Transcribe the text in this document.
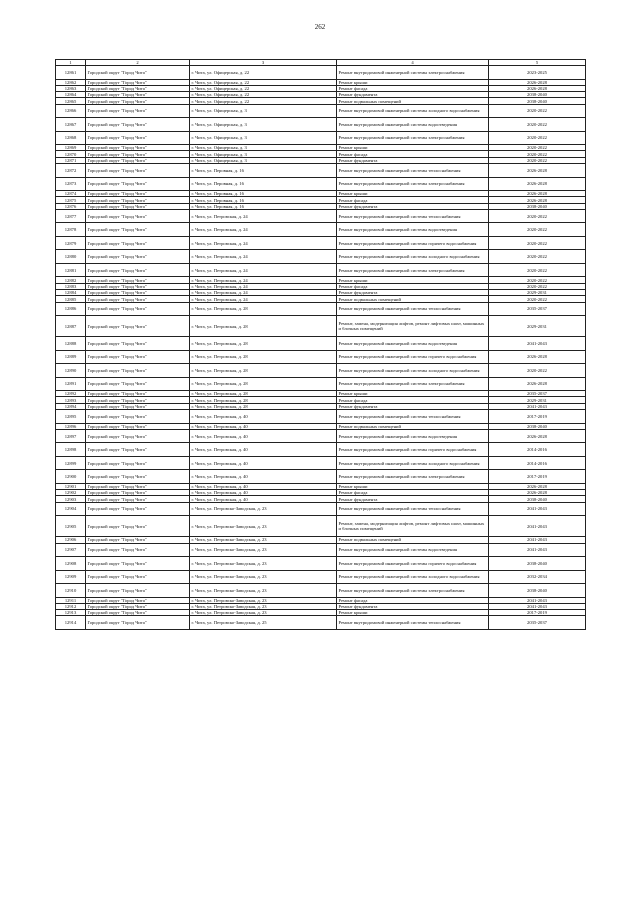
262
1	2	3	4	5
12861	Городской округ "Город Чита"	г. Чита, ул. Офицерская, д. 22	Ремонт внутридомовой инженерной системы электроснабжения	2023-2025
12862	Городской округ "Город Чита"	г. Чита, ул. Офицерская, д. 22	Ремонт крыши	2026-2028
12863	Городской округ "Город Чита"	г. Чита, ул. Офицерская, д. 22	Ремонт фасада	2026-2028
12864	Городской округ "Город Чита"	г. Чита, ул. Офицерская, д. 22	Ремонт фундамента	2038-2040
12865	Городской округ "Город Чита"	г. Чита, ул. Офицерская, д. 22	Ремонт подвальных помещений	2038-2040
12866	Городской округ "Город Чита"	г. Чита, ул. Офицерская, д. 3	Ремонт внутридомовой инженерной системы холодного водоснабжения	2020-2022
12867	Городской округ "Город Чита"	г. Чита, ул. Офицерская, д. 3	Ремонт внутридомовой инженерной системы водоотведения	2020-2022
12868	Городской округ "Город Чита"	г. Чита, ул. Офицерская, д. 3	Ремонт внутридомовой инженерной системы электроснабжения	2020-2022
12869	Городской округ "Город Чита"	г. Чита, ул. Офицерская, д. 3	Ремонт крыши	2020-2022
12870	Городской округ "Город Чита"	г. Чита, ул. Офицерская, д. 3	Ремонт фасада	2020-2022
12871	Городской округ "Город Чита"	г. Чита, ул. Офицерская, д. 3	Ремонт фундамента	2020-2022
12872	Городской округ "Город Чита"	г. Чита, ул. Перовная, д. 16	Ремонт внутридомовой инженерной системы теплоснабжения	2026-2028
12873	Городской округ "Город Чита"	г. Чита, ул. Перовная, д. 16	Ремонт внутридомовой инженерной системы электроснабжения	2026-2028
12874	Городской округ "Город Чита"	г. Чита, ул. Перовная, д. 16	Ремонт крыши	2026-2028
12875	Городской округ "Город Чита"	г. Чита, ул. Перовная, д. 16	Ремонт фасада	2026-2028
12876	Городской округ "Город Чита"	г. Чита, ул. Перовная, д. 16	Ремонт фундамента	2038-2040
12877	Городской округ "Город Чита"	г. Чита, ул. Петровская, д. 24	Ремонт внутридомовой инженерной системы теплоснабжения	2020-2022
12878	Городской округ "Город Чита"	г. Чита, ул. Петровская, д. 24	Ремонт внутридомовой инженерной системы водоотведения	2020-2022
12879	Городской округ "Город Чита"	г. Чита, ул. Петровская, д. 24	Ремонт внутридомовой инженерной системы горячего водоснабжения	2020-2022
12880	Городской округ "Город Чита"	г. Чита, ул. Петровская, д. 24	Ремонт внутридомовой инженерной системы холодного водоснабжения	2020-2022
12881	Городской округ "Город Чита"	г. Чита, ул. Петровская, д. 24	Ремонт внутридомовой инженерной системы электроснабжения	2020-2022
12882	Городской округ "Город Чита"	г. Чита, ул. Петровская, д. 24	Ремонт крыши	2020-2022
12883	Городской округ "Город Чита"	г. Чита, ул. Петровская, д. 24	Ремонт фасада	2020-2022
12884	Городской округ "Город Чита"	г. Чита, ул. Петровская, д. 24	Ремонт фундамента	2029-2031
12885	Городской округ "Город Чита"	г. Чита, ул. Петровская, д. 24	Ремонт подвальных помещений	2020-2022
12886	Городской округ "Город Чита"	г. Чита, ул. Петровская, д. 28	Ремонт внутридомовой инженерной системы теплоснабжения	2035-2037
12887	Городской округ "Город Чита"	г. Чита, ул. Петровская, д. 28	Ремонт, замена, модернизация лифтов, ремонт лифтовых шахт, машинных и блочных помещений	2029-2031
12888	Городской округ "Город Чита"	г. Чита, ул. Петровская, д. 28	Ремонт внутридомовой инженерной системы водоотведения	2041-2043
12889	Городской округ "Город Чита"	г. Чита, ул. Петровская, д. 28	Ремонт внутридомовой инженерной системы горячего водоснабжения	2026-2028
12890	Городской округ "Город Чита"	г. Чита, ул. Петровская, д. 28	Ремонт внутридомовой инженерной системы холодного водоснабжения	2020-2022
12891	Городской округ "Город Чита"	г. Чита, ул. Петровская, д. 28	Ремонт внутридомовой инженерной системы электроснабжения	2026-2028
12892	Городской округ "Город Чита"	г. Чита, ул. Петровская, д. 28	Ремонт крыши	2035-2037
12893	Городской округ "Город Чита"	г. Чита, ул. Петровская, д. 28	Ремонт фасада	2029-2031
12894	Городской округ "Город Чита"	г. Чита, ул. Петровская, д. 28	Ремонт фундамента	2041-2043
12895	Городской округ "Город Чита"	г. Чита, ул. Петровская, д. 40	Ремонт внутридомовой инженерной системы теплоснабжения	2017-2019
12896	Городской округ "Город Чита"	г. Чита, ул. Петровская, д. 40	Ремонт подвальных помещений	2038-2040
12897	Городской округ "Город Чита"	г. Чита, ул. Петровская, д. 40	Ремонт внутридомовой инженерной системы водоотведения	2026-2028
12898	Городской округ "Город Чита"	г. Чита, ул. Петровская, д. 40	Ремонт внутридомовой инженерной системы горячего водоснабжения	2014-2016
12899	Городской округ "Город Чита"	г. Чита, ул. Петровская, д. 40	Ремонт внутридомовой инженерной системы холодного водоснабжения	2014-2016
12900	Городской округ "Город Чита"	г. Чита, ул. Петровская, д. 40	Ремонт внутридомовой инженерной системы электроснабжения	2017-2019
12901	Городской округ "Город Чита"	г. Чита, ул. Петровская, д. 40	Ремонт крыши	2026-2028
12902	Городской округ "Город Чита"	г. Чита, ул. Петровская, д. 40	Ремонт фасада	2026-2028
12903	Городской округ "Город Чита"	г. Чита, ул. Петровская, д. 40	Ремонт фундамента	2038-2040
12904	Городской округ "Город Чита"	г. Чита, ул. Петровско-Заводская, д. 23	Ремонт внутридомовой инженерной системы теплоснабжения	2041-2043
12905	Городской округ "Город Чита"	г. Чита, ул. Петровско-Заводская, д. 23	Ремонт, замена, модернизация лифтов, ремонт лифтовых шахт, машинных и блочных помещений	2041-2043
12906	Городской округ "Город Чита"	г. Чита, ул. Петровско-Заводская, д. 23	Ремонт подвальных помещений	2041-2043
12907	Городской округ "Город Чита"	г. Чита, ул. Петровско-Заводская, д. 23	Ремонт внутридомовой инженерной системы водоотведения	2041-2043
12908	Городской округ "Город Чита"	г. Чита, ул. Петровско-Заводская, д. 23	Ремонт внутридомовой инженерной системы горячего водоснабжения	2038-2040
12909	Городской округ "Город Чита"	г. Чита, ул. Петровско-Заводская, д. 23	Ремонт внутридомовой инженерной системы холодного водоснабжения	2032-2034
12910	Городской округ "Город Чита"	г. Чита, ул. Петровско-Заводская, д. 23	Ремонт внутридомовой инженерной системы электроснабжения	2038-2040
12911	Городской округ "Город Чита"	г. Чита, ул. Петровско-Заводская, д. 23	Ремонт фасада	2041-2043
12912	Городской округ "Город Чита"	г. Чита, ул. Петровско-Заводская, д. 23	Ремонт фундамента	2041-2043
12913	Городской округ "Город Чита"	г. Чита, ул. Петровско-Заводская, д. 23	Ремонт крыши	2017-2019
12914	Городской округ "Город Чита"	г. Чита, ул. Петровско-Заводская, д. 25	Ремонт внутридомовой инженерной системы теплоснабжения	2035-2037
